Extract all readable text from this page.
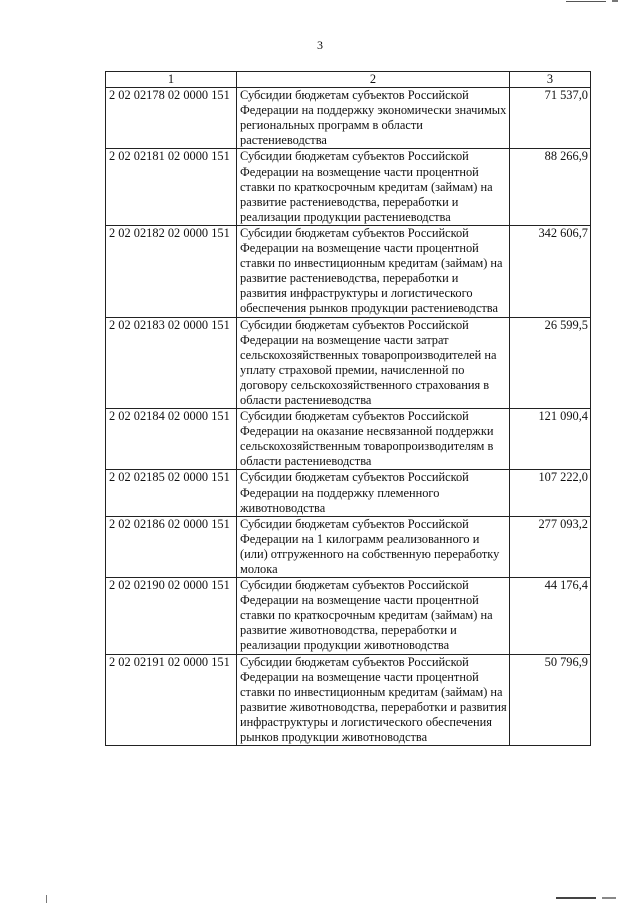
3
1	2	3
2 02 02178 02 0000 151	Субсидии бюджетам субъектов Российской Федерации на поддержку экономически значимых региональных программ в области растениеводства	71 537,0
2 02 02181 02 0000 151	Субсидии бюджетам субъектов Российской Федерации на возмещение части процентной ставки по краткосрочным кредитам (займам) на развитие растениеводства, переработки и реализации продукции растениеводства	88 266,9
2 02 02182 02 0000 151	Субсидии бюджетам субъектов Российской Федерации на возмещение части процентной ставки по инвестиционным кредитам (займам) на развитие растениеводства, переработки и развития инфраструктуры и логистического обеспечения рынков продукции растениеводства	342 606,7
2 02 02183 02 0000 151	Субсидии бюджетам субъектов Российской Федерации на возмещение части затрат сельскохозяйственных товаропроизводителей на уплату страховой премии, начисленной по договору сельскохозяйственного страхования в области растениеводства	26 599,5
2 02 02184 02 0000 151	Субсидии бюджетам субъектов Российской Федерации на оказание несвязанной поддержки сельскохозяйственным товаропроизводителям в области растениеводства	121 090,4
2 02 02185 02 0000 151	Субсидии бюджетам субъектов Российской Федерации на поддержку племенного животноводства	107 222,0
2 02 02186 02 0000 151	Субсидии бюджетам субъектов Российской Федерации на 1 килограмм реализованного и (или) отгруженного на собственную переработку молока	277 093,2
2 02 02190 02 0000 151	Субсидии бюджетам субъектов Российской Федерации на возмещение части процентной ставки по краткосрочным кредитам (займам) на развитие животноводства, переработки и реализации продукции животноводства	44 176,4
2 02 02191 02 0000 151	Субсидии бюджетам субъектов Российской Федерации на возмещение части процентной ставки по инвестиционным кредитам (займам) на развитие животноводства, переработки и развития инфраструктуры и логистического обеспечения рынков продукции животноводства	50 796,9
